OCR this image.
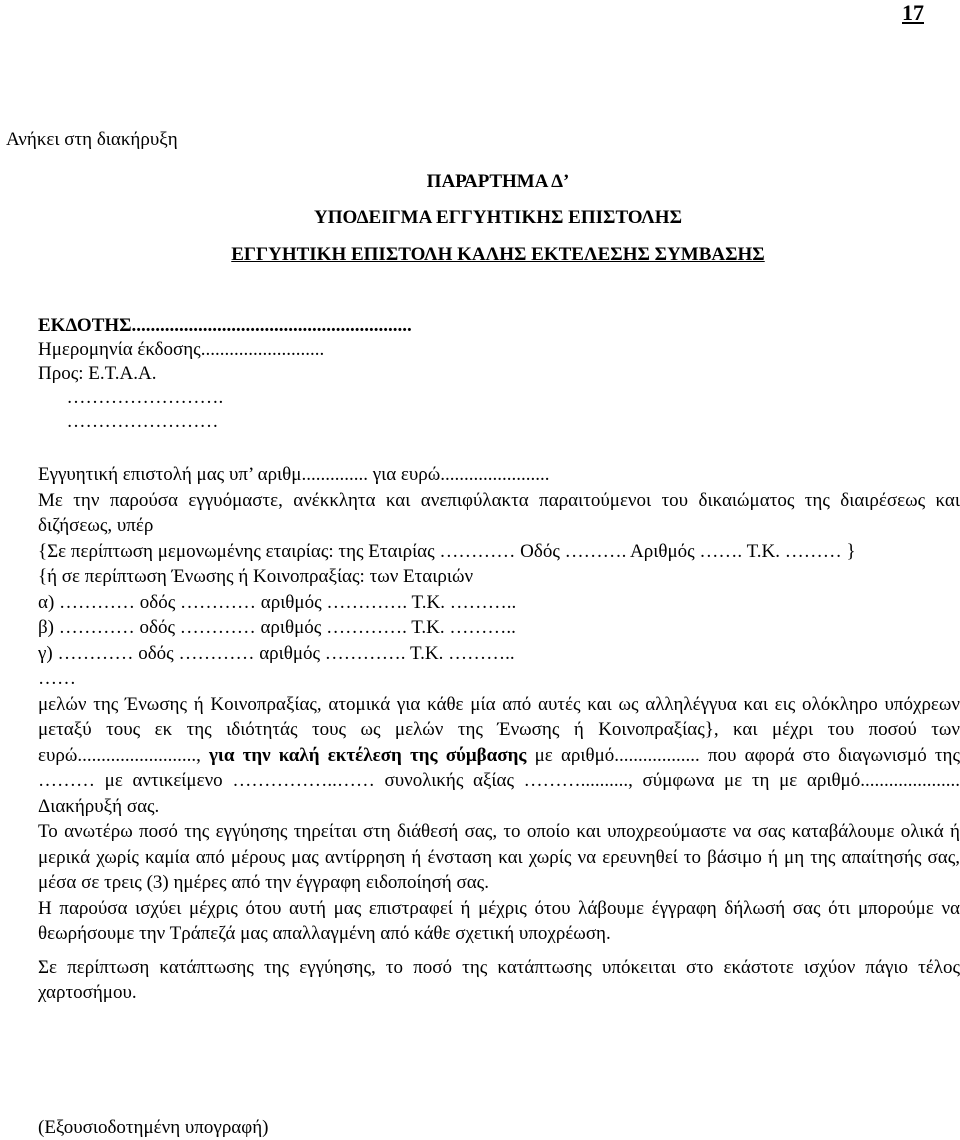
17
Ανήκει στη διακήρυξη
ΠΑΡΑΡΤΗΜΑ Δ’
ΥΠΟΔΕΙΓΜΑ ΕΓΓΥΗΤΙΚΗΣ ΕΠΙΣΤΟΛΗΣ
ΕΓΓΥΗΤΙΚΗ ΕΠΙΣΤΟΛΗ ΚΑΛΗΣ ΕΚΤΕΛΕΣΗΣ ΣΥΜΒΑΣΗΣ
ΕΚΔΟΤΗΣ...........................................................
Ημερομηνία έκδοσης..........................
Προς: Ε.Τ.Α.Α.
…………………….
……………………
Εγγυητική επιστολή μας υπ’ αριθμ.............. για ευρώ.......................
Με την παρούσα εγγυόμαστε, ανέκκλητα και ανεπιφύλακτα παραιτούμενοι του δικαιώματος της διαιρέσεως και διζήσεως, υπέρ
{Σε περίπτωση μεμονωμένης εταιρίας: της Εταιρίας ………… Οδός ………. Αριθμός ……. Τ.Κ. ……… }
{ή σε περίπτωση Ένωσης ή Κοινοπραξίας: των Εταιριών
α) ………… οδός ………… αριθμός …………. Τ.Κ. ………..
β) ………… οδός ………… αριθμός …………. Τ.Κ. ………..
γ) ………… οδός ………… αριθμός …………. Τ.Κ. ………..
……
μελών της Ένωσης ή Κοινοπραξίας, ατομικά για κάθε μία από αυτές και ως αλληλέγγυα και εις ολόκληρο υπόχρεων μεταξύ τους εκ της ιδιότητάς τους ως μελών της Ένωσης ή Κοινοπραξίας}, και μέχρι του ποσού των ευρώ........................., για την καλή εκτέλεση της σύμβασης με αριθμό.................. που αφορά στο διαγωνισμό της ……… με αντικείμενο ……………..…… συνολικής αξίας ……….........., σύμφωνα με τη με αριθμό..................... Διακήρυξή σας.
Το ανωτέρω ποσό της εγγύησης τηρείται στη διάθεσή σας, το οποίο και υποχρεούμαστε να σας καταβάλουμε ολικά ή μερικά χωρίς καμία από μέρους μας αντίρρηση ή ένσταση και χωρίς να ερευνηθεί το βάσιμο ή μη της απαίτησής σας, μέσα σε τρεις (3) ημέρες από την έγγραφη ειδοποίησή σας.
Η παρούσα ισχύει μέχρις ότου αυτή μας επιστραφεί ή μέχρις ότου λάβουμε έγγραφη δήλωσή σας ότι μπορούμε να θεωρήσουμε την Τράπεζά μας απαλλαγμένη από κάθε σχετική υποχρέωση.
Σε περίπτωση κατάπτωσης της εγγύησης, το ποσό της κατάπτωσης υπόκειται στο εκάστοτε ισχύον πάγιο τέλος χαρτοσήμου.
(Εξουσιοδοτημένη υπογραφή)
